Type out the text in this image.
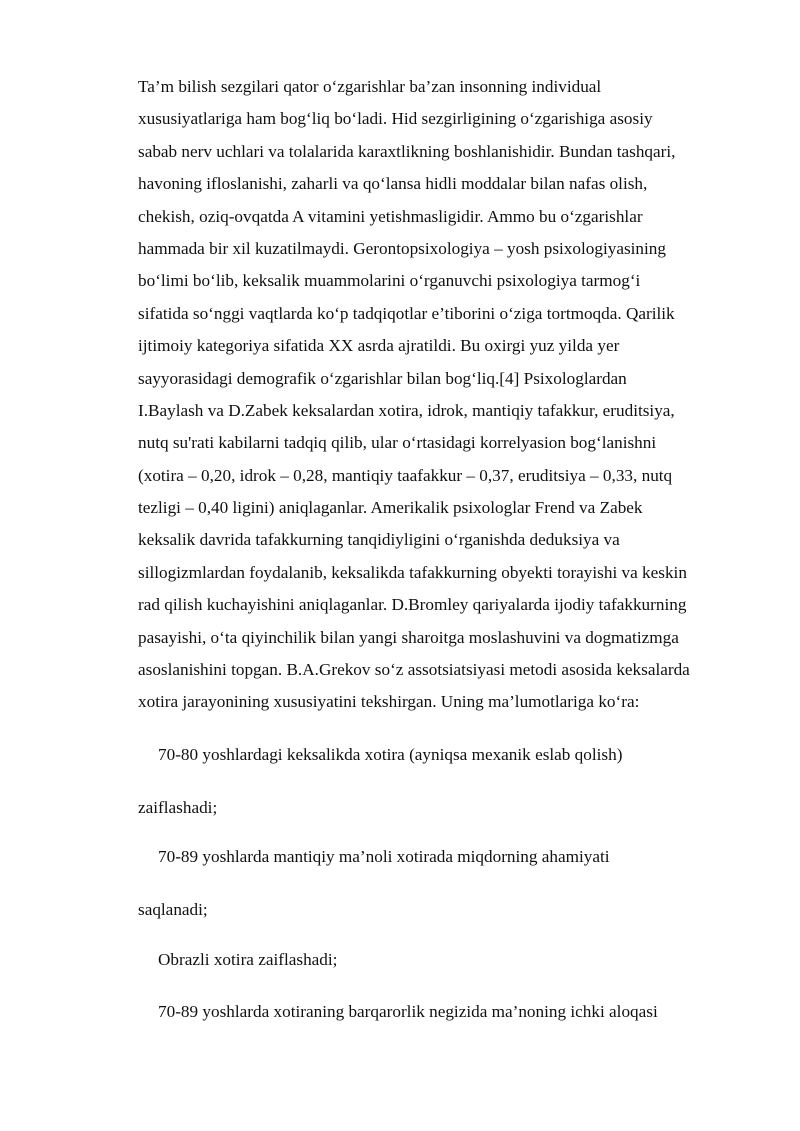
Ta’m bilish sezgilari qator o‘zgarishlar ba’zan insonning individual
xususiyatlariga ham bog‘liq bo‘ladi. Hid sezgirligining o‘zgarishiga asosiy
sabab nerv uchlari va tolalarida karaxtlikning boshlanishidir. Bundan tashqari,
havoning ifloslanishi, zaharli va qo‘lansa hidli moddalar bilan nafas olish,
chekish, oziq-ovqatda A vitamini yetishmasligidir. Ammo bu o‘zgarishlar
hammada bir xil kuzatilmaydi. Gerontopsixologiya – yosh psixologiyasining
bo‘limi bo‘lib, keksalik muammolarini o‘rganuvchi psixologiya tarmog‘i
sifatida so‘nggi vaqtlarda ko‘p tadqiqotlar e’tiborini o‘ziga tortmoqda. Qarilik
ijtimoiy kategoriya sifatida XX asrda ajratildi. Bu oxirgi yuz yilda yer
sayyorasidagi demografik o‘zgarishlar bilan bog‘liq.[4] Psixologlardan
I.Baylash va D.Zabek keksalardan xotira, idrok, mantiqiy tafakkur, eruditsiya,
nutq su'rati kabilarni tadqiq qilib, ular o‘rtasidagi korrelyasion bog‘lanishni
(xotira – 0,20, idrok – 0,28, mantiqiy taafakkur – 0,37, eruditsiya – 0,33, nutq
tezligi – 0,40 ligini) aniqlaganlar. Amerikalik psixologlar Frend va Zabek
keksalik davrida tafakkurning tanqidiyligini o‘rganishda deduksiya va
sillogizmlardan foydalanib, keksalikda tafakkurning obyekti torayishi va keskin
rad qilish kuchayishini aniqlaganlar. D.Bromley qariyalarda ijodiy tafakkurning
pasayishi, o‘ta qiyinchilik bilan yangi sharoitga moslashuvini va dogmatizmga
asoslanishini topgan. B.A.Grekov so‘z assotsiatsiyasi metodi asosida keksalarda
xotira jarayonining xususiyatini tekshirgan. Uning ma’lumotlariga ko‘ra:
70-80 yoshlardagi keksalikda xotira (ayniqsa mexanik eslab qolish)
zaiflashadi;
70-89 yoshlarda mantiqiy ma’noli xotirada miqdorning ahamiyati
saqlanadi;
Obrazli xotira zaiflashadi;
70-89 yoshlarda xotiraning barqarorlik negizida ma’noning ichki aloqasi
